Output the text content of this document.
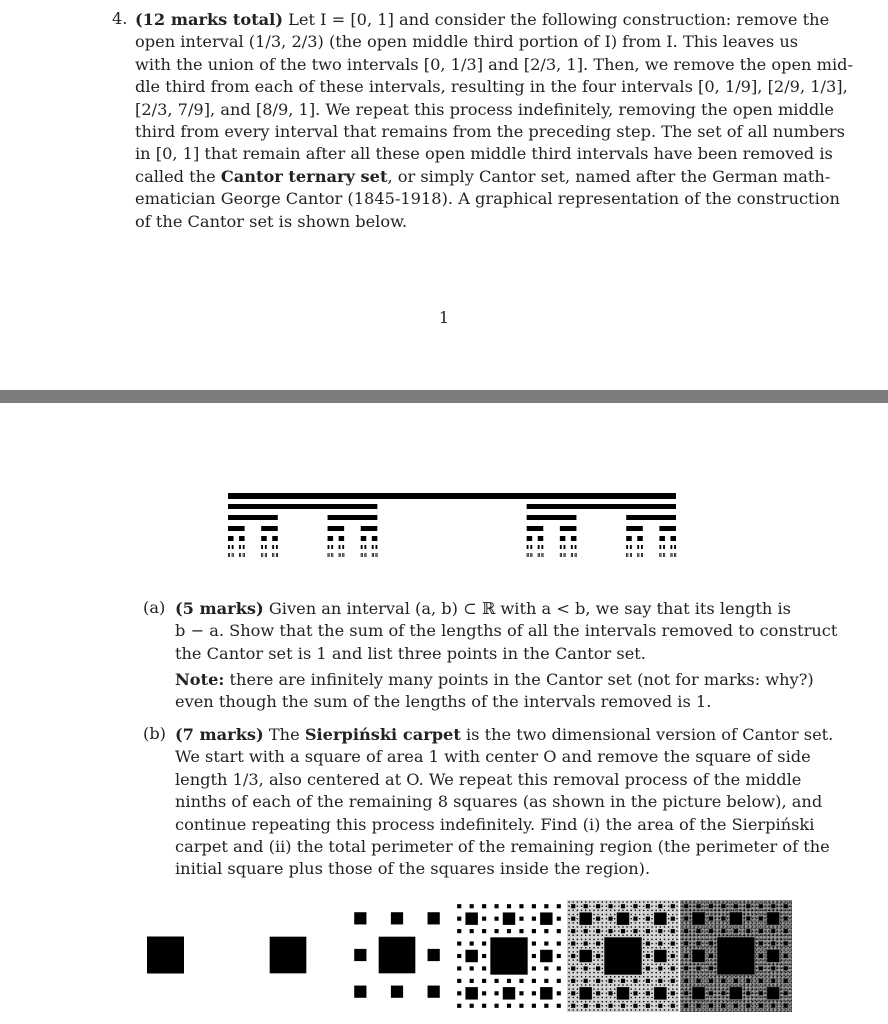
4. (12 marks total) Let I = [0, 1] and consider the following construction: remove the
open interval (1/3, 2/3) (the open middle third portion of I) from I. This leaves us
with the union of the two intervals [0, 1/3] and [2/3, 1]. Then, we remove the open mid-
dle third from each of these intervals, resulting in the four intervals [0, 1/9], [2/9, 1/3],
[2/3, 7/9], and [8/9, 1]. We repeat this process indefinitely, removing the open middle
third from every interval that remains from the preceding step. The set of all numbers
in [0, 1] that remain after all these open middle third intervals have been removed is
called the Cantor ternary set, or simply Cantor set, named after the German math-
ematician George Cantor (1845-1918). A graphical representation of the construction
of the Cantor set is shown below.
1
(a) (5 marks) Given an interval (a, b) ⊂ ℝ with a < b, we say that its length is
b − a. Show that the sum of the lengths of all the intervals removed to construct
the Cantor set is 1 and list three points in the Cantor set.
Note: there are infinitely many points in the Cantor set (not for marks: why?)
even though the sum of the lengths of the intervals removed is 1.
(b) (7 marks) The Sierpiński carpet is the two dimensional version of Cantor set.
We start with a square of area 1 with center O and remove the square of side
length 1/3, also centered at O. We repeat this removal process of the middle
ninths of each of the remaining 8 squares (as shown in the picture below), and
continue repeating this process indefinitely. Find (i) the area of the Sierpiński
carpet and (ii) the total perimeter of the remaining region (the perimeter of the
initial square plus those of the squares inside the region).
